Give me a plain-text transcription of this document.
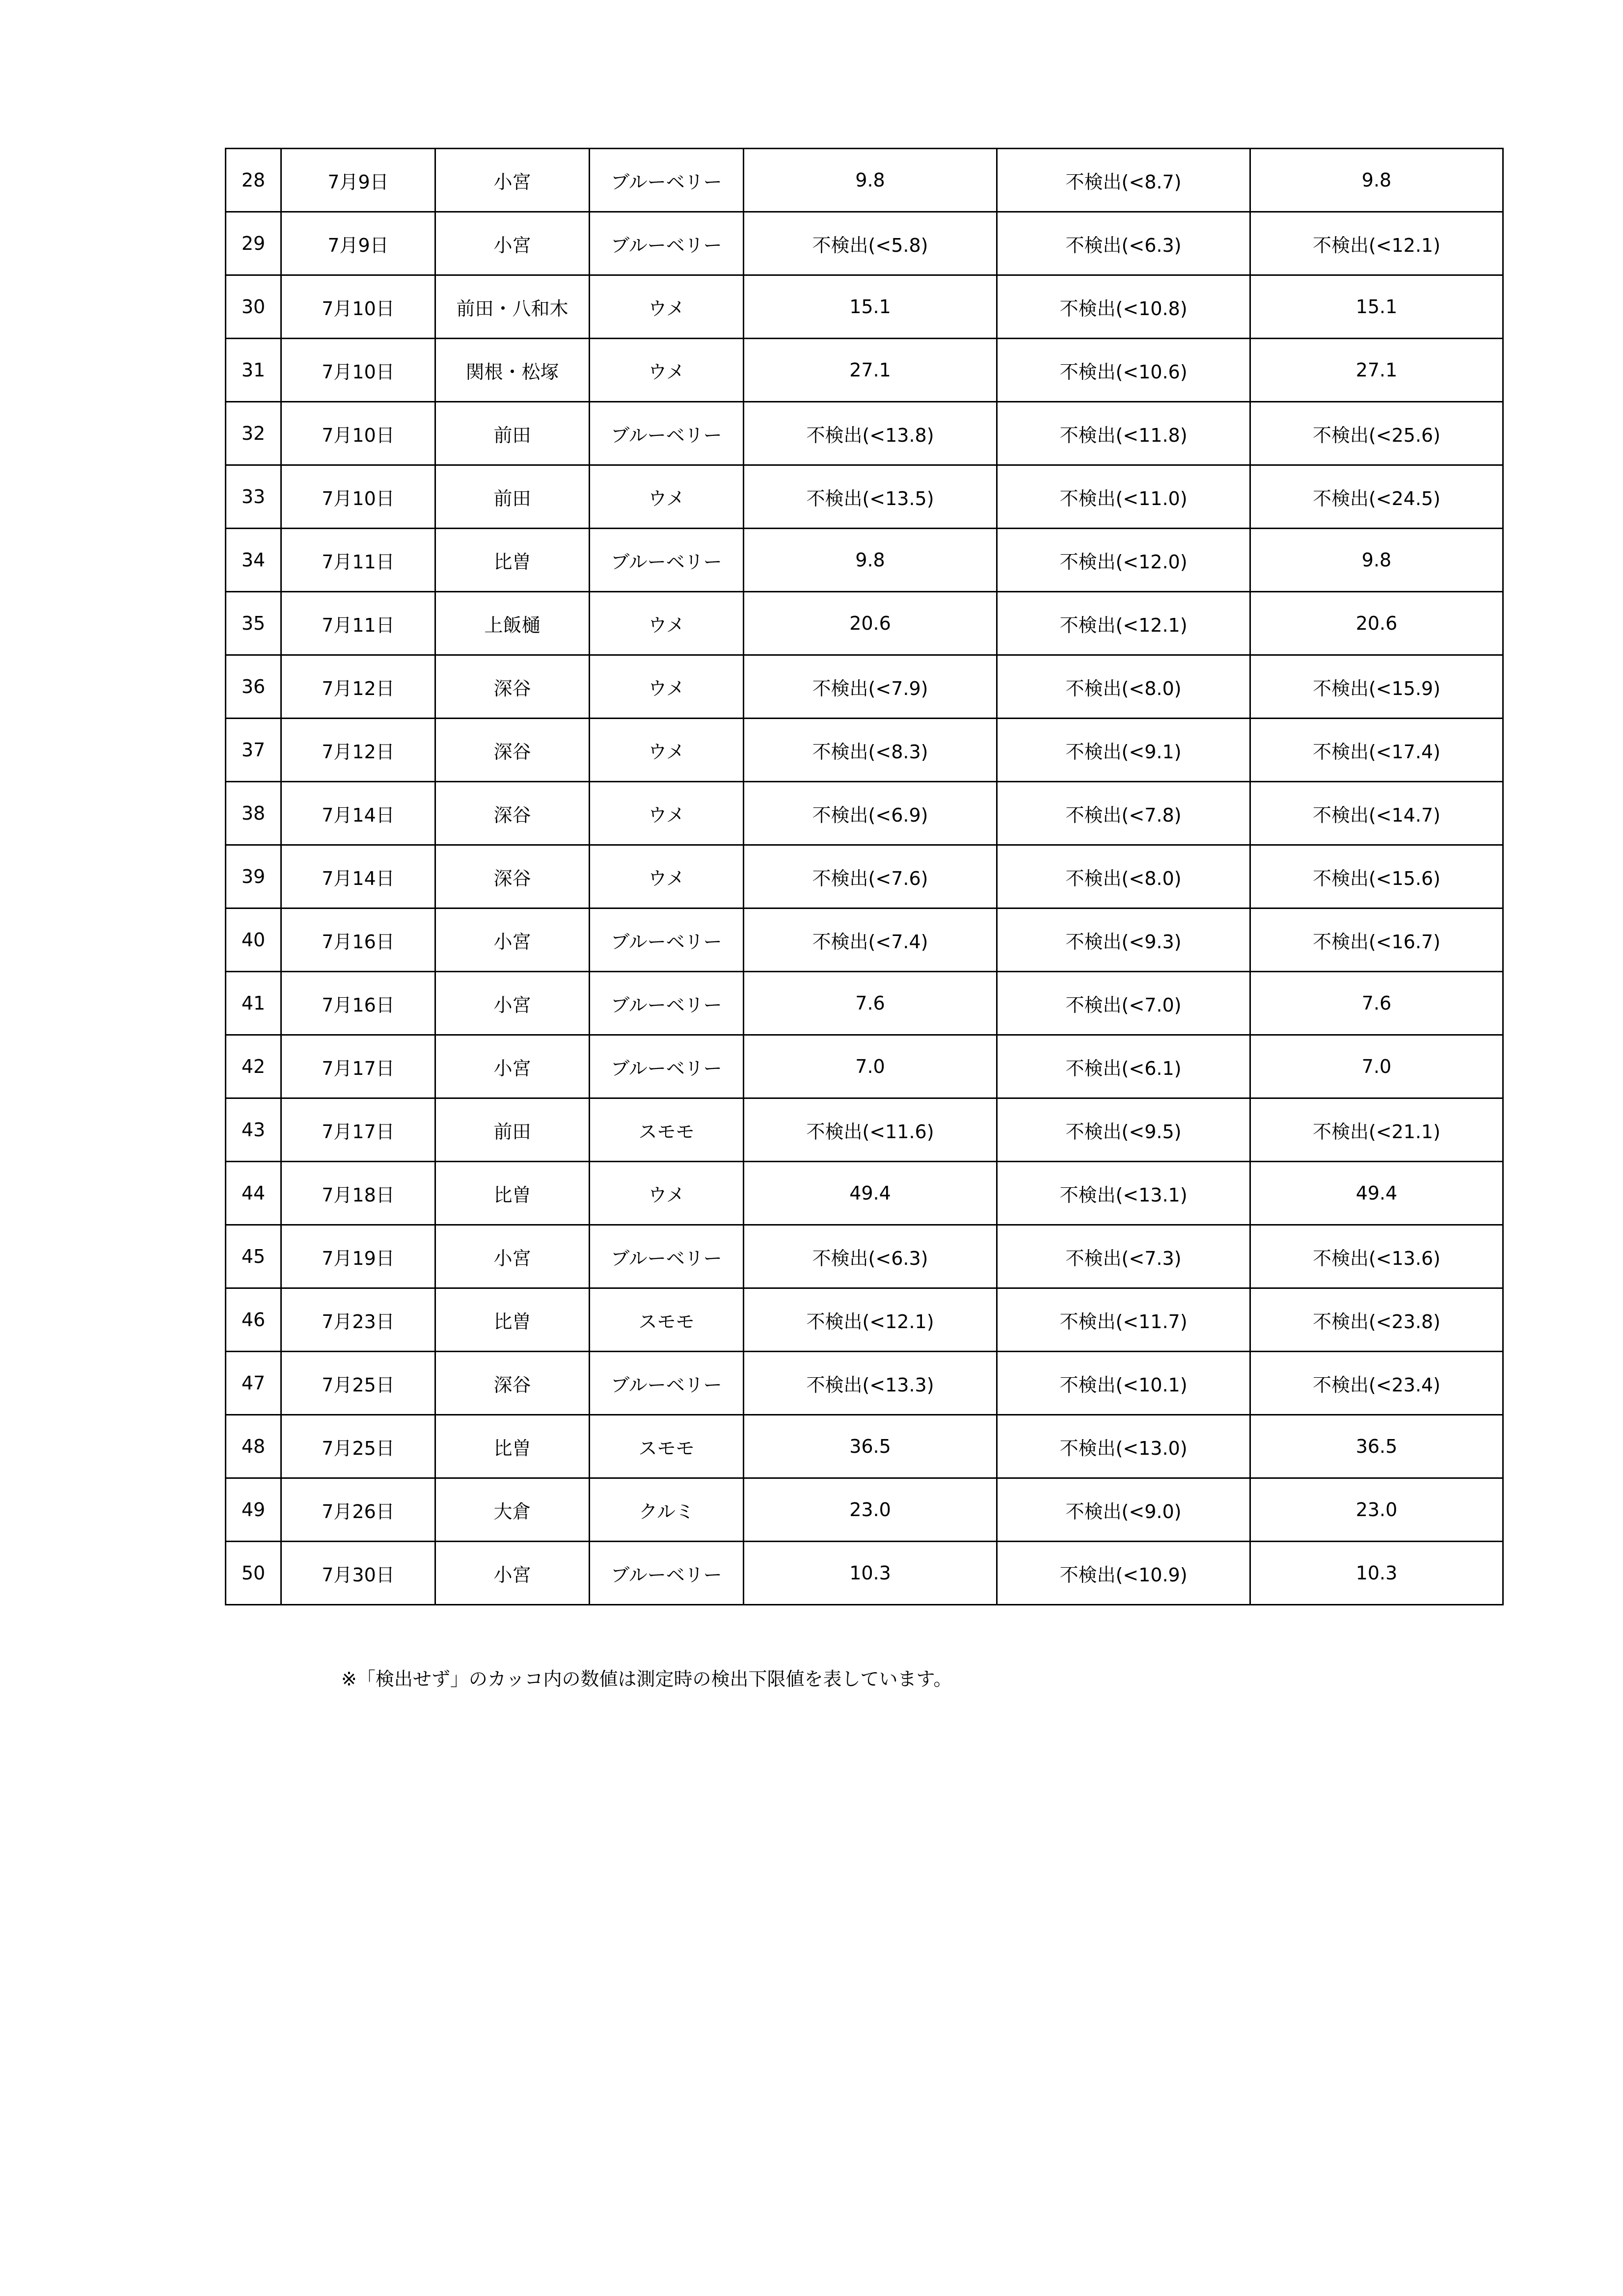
28	7月9日	小宮	ブルーベリー	9.8	不検出(<8.7)	9.8
29	7月9日	小宮	ブルーベリー	不検出(<5.8)	不検出(<6.3)	不検出(<12.1)
30	7月10日	前田・八和木	ウメ	15.1	不検出(<10.8)	15.1
31	7月10日	関根・松塚	ウメ	27.1	不検出(<10.6)	27.1
32	7月10日	前田	ブルーベリー	不検出(<13.8)	不検出(<11.8)	不検出(<25.6)
33	7月10日	前田	ウメ	不検出(<13.5)	不検出(<11.0)	不検出(<24.5)
34	7月11日	比曽	ブルーベリー	9.8	不検出(<12.0)	9.8
35	7月11日	上飯樋	ウメ	20.6	不検出(<12.1)	20.6
36	7月12日	深谷	ウメ	不検出(<7.9)	不検出(<8.0)	不検出(<15.9)
37	7月12日	深谷	ウメ	不検出(<8.3)	不検出(<9.1)	不検出(<17.4)
38	7月14日	深谷	ウメ	不検出(<6.9)	不検出(<7.8)	不検出(<14.7)
39	7月14日	深谷	ウメ	不検出(<7.6)	不検出(<8.0)	不検出(<15.6)
40	7月16日	小宮	ブルーベリー	不検出(<7.4)	不検出(<9.3)	不検出(<16.7)
41	7月16日	小宮	ブルーベリー	7.6	不検出(<7.0)	7.6
42	7月17日	小宮	ブルーベリー	7.0	不検出(<6.1)	7.0
43	7月17日	前田	スモモ	不検出(<11.6)	不検出(<9.5)	不検出(<21.1)
44	7月18日	比曽	ウメ	49.4	不検出(<13.1)	49.4
45	7月19日	小宮	ブルーベリー	不検出(<6.3)	不検出(<7.3)	不検出(<13.6)
46	7月23日	比曽	スモモ	不検出(<12.1)	不検出(<11.7)	不検出(<23.8)
47	7月25日	深谷	ブルーベリー	不検出(<13.3)	不検出(<10.1)	不検出(<23.4)
48	7月25日	比曽	スモモ	36.5	不検出(<13.0)	36.5
49	7月26日	大倉	クルミ	23.0	不検出(<9.0)	23.0
50	7月30日	小宮	ブルーベリー	10.3	不検出(<10.9)	10.3
※「検出せず」のカッコ内の数値は測定時の検出下限値を表しています。
